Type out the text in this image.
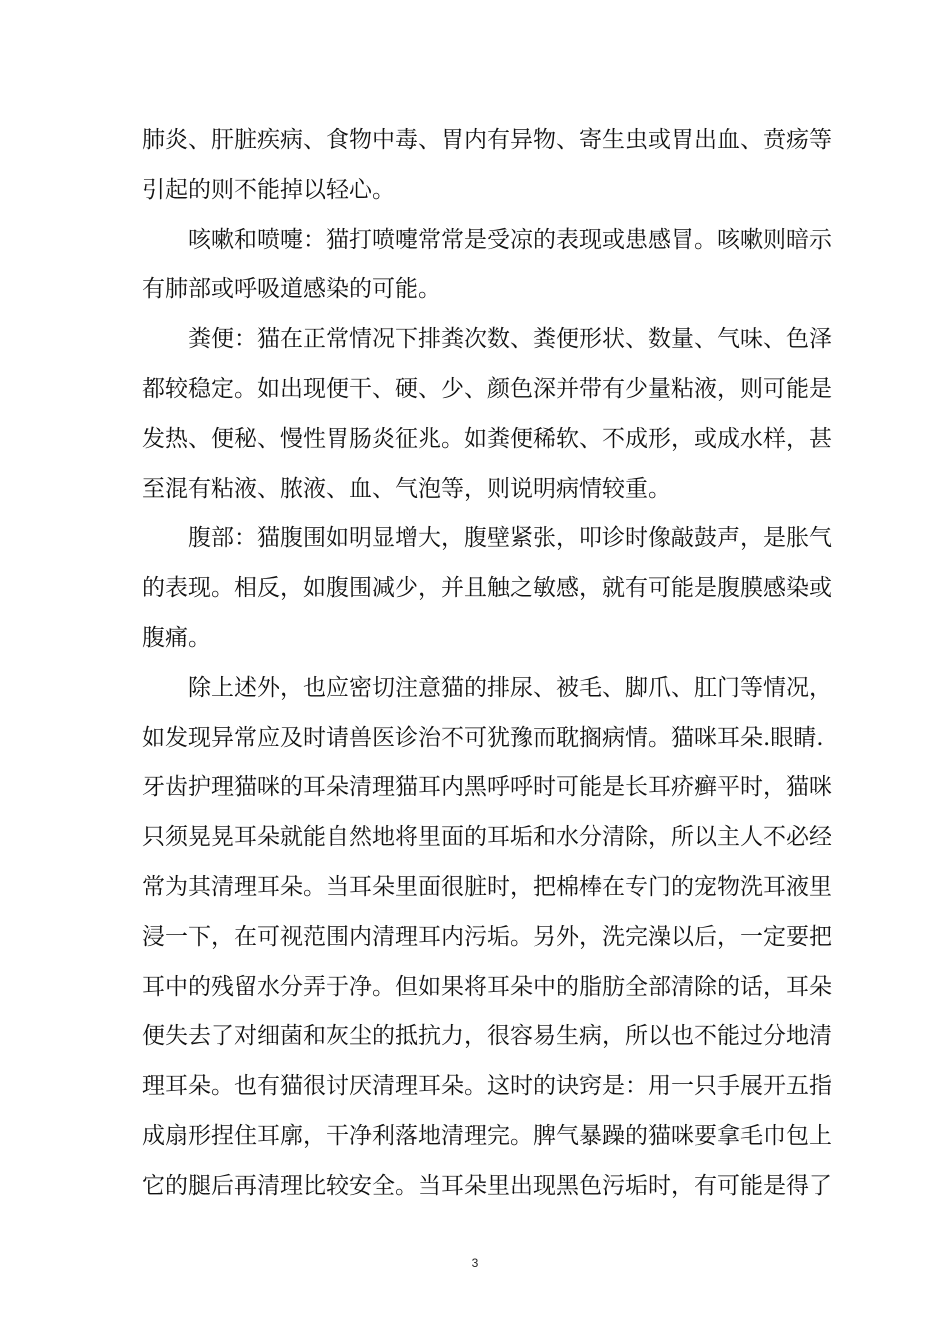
肺炎、肝脏疾病、食物中毒、胃内有异物、寄生虫或胃出血、贲疡等
引起的则不能掉以轻心。
咳嗽和喷嚏：猫打喷嚏常常是受凉的表现或患感冒。咳嗽则暗示
有肺部或呼吸道感染的可能。
粪便：猫在正常情况下排粪次数、粪便形状、数量、气味、色泽
都较稳定。如出现便干、硬、少、颜色深并带有少量粘液，则可能是
发热、便秘、慢性胃肠炎征兆。如粪便稀软、不成形，或成水样，甚
至混有粘液、脓液、血、气泡等，则说明病情较重。
腹部：猫腹围如明显增大，腹壁紧张，叩诊时像敲鼓声，是胀气
的表现。相反，如腹围减少，并且触之敏感，就有可能是腹膜感染或
腹痛。
除上述外，也应密切注意猫的排尿、被毛、脚爪、肛门等情况，
如发现异常应及时请兽医诊治不可犹豫而耽搁病情。猫咪耳朵.眼睛.
牙齿护理猫咪的耳朵清理猫耳内黑呼呼时可能是长耳疥癣平时，猫咪
只须晃晃耳朵就能自然地将里面的耳垢和水分清除，所以主人不必经
常为其清理耳朵。当耳朵里面很脏时，把棉棒在专门的宠物洗耳液里
浸一下，在可视范围内清理耳内污垢。另外，洗完澡以后，一定要把
耳中的残留水分弄于净。但如果将耳朵中的脂肪全部清除的话，耳朵
便失去了对细菌和灰尘的抵抗力，很容易生病，所以也不能过分地清
理耳朵。也有猫很讨厌清理耳朵。这时的诀窍是：用一只手展开五指
成扇形捏住耳廓，干净利落地清理完。脾气暴躁的猫咪要拿毛巾包上
它的腿后再清理比较安全。当耳朵里出现黑色污垢时，有可能是得了
3
